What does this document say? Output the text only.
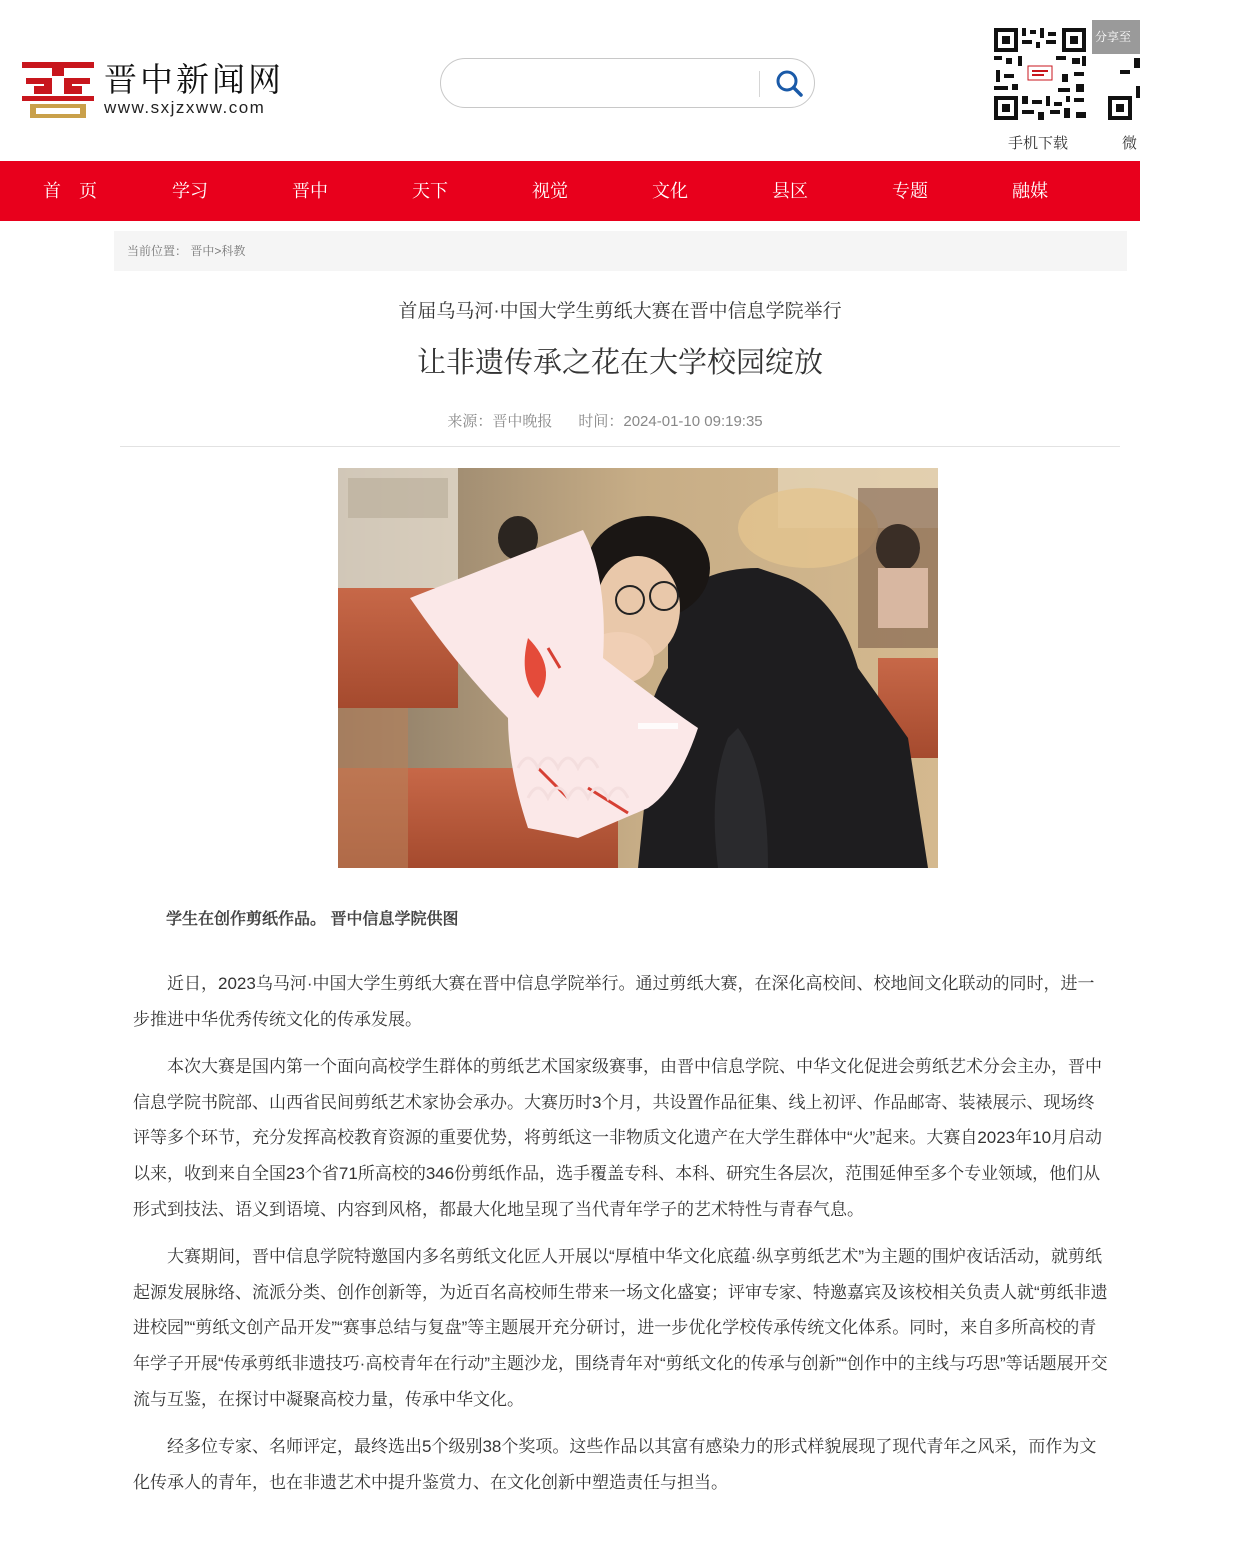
晋中新闻网
www.sxjzxww.com
手机下载	微
分享至
首　页	学习	晋中	天下	视觉	文化	县区	专题	融媒	读
当前位置： 晋中>科教
首届乌马河·中国大学生剪纸大赛在晋中信息学院举行
让非遗传承之花在大学校园绽放
来源：晋中晚报 时间：2024-01-10 09:19:35
学生在创作剪纸作品。 晋中信息学院供图

近日，2023乌马河·中国大学生剪纸大赛在晋中信息学院举行。通过剪纸大赛，在深化高校间、校地间文化联动的同时，进一步推进中华优秀传统文化的传承发展。

本次大赛是国内第一个面向高校学生群体的剪纸艺术国家级赛事，由晋中信息学院、中华文化促进会剪纸艺术分会主办，晋中信息学院书院部、山西省民间剪纸艺术家协会承办。大赛历时3个月，共设置作品征集、线上初评、作品邮寄、装裱展示、现场终评等多个环节，充分发挥高校教育资源的重要优势，将剪纸这一非物质文化遗产在大学生群体中“火”起来。大赛自2023年10月启动以来，收到来自全国23个省71所高校的346份剪纸作品，选手覆盖专科、本科、研究生各层次，范围延伸至多个专业领域，他们从形式到技法、语义到语境、内容到风格，都最大化地呈现了当代青年学子的艺术特性与青春气息。

大赛期间，晋中信息学院特邀国内多名剪纸文化匠人开展以“厚植中华文化底蕴·纵享剪纸艺术”为主题的围炉夜话活动，就剪纸起源发展脉络、流派分类、创作创新等，为近百名高校师生带来一场文化盛宴；评审专家、特邀嘉宾及该校相关负责人就“剪纸非遗进校园”“剪纸文创产品开发”“赛事总结与复盘”等主题展开充分研讨，进一步优化学校传承传统文化体系。同时，来自多所高校的青年学子开展“传承剪纸非遗技巧·高校青年在行动”主题沙龙，围绕青年对“剪纸文化的传承与创新”“创作中的主线与巧思”等话题展开交流与互鉴，在探讨中凝聚高校力量，传承中华文化。

经多位专家、名师评定，最终选出5个级别38个奖项。这些作品以其富有感染力的形式样貌展现了现代青年之风采，而作为文化传承人的青年，也在非遗艺术中提升鉴赏力、在文化创新中塑造责任与担当。
